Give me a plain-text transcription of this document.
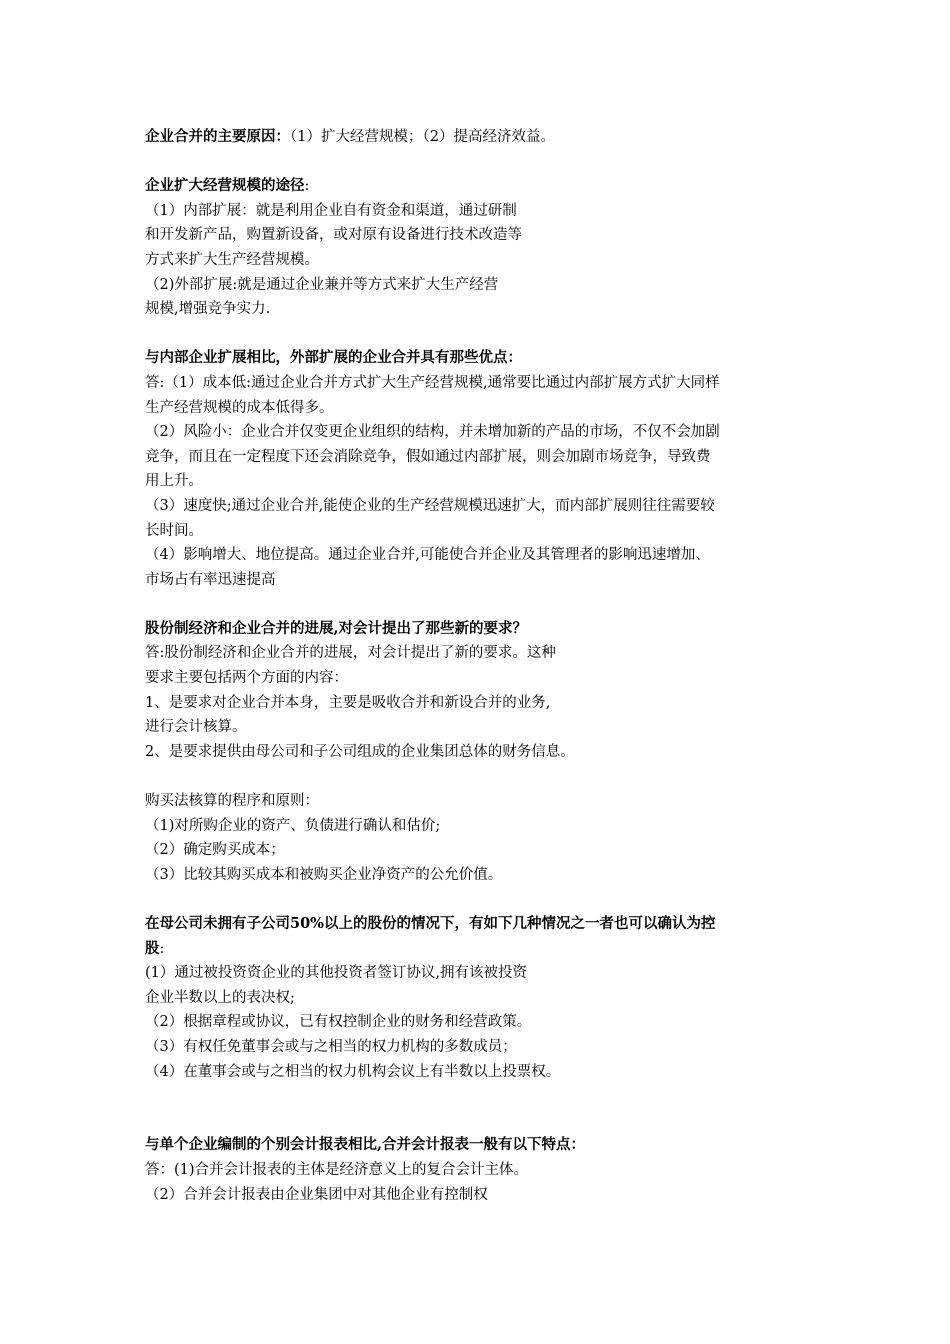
企业合并的主要原因：（1）扩大经营规模；（2）提高经济效益。
企业扩大经营规模的途径:
（1）内部扩展：就是利用企业自有资金和渠道，通过研制
和开发新产品，购置新设备，或对原有设备进行技术改造等
方式来扩大生产经营规模。
（2)外部扩展:就是通过企业兼并等方式来扩大生产经营
规模,增强竞争实力.
与内部企业扩展相比，外部扩展的企业合并具有那些优点：
答:（1）成本低:通过企业合并方式扩大生产经营规模,通常要比通过内部扩展方式扩大同样
生产经营规模的成本低得多。
（2）风险小：企业合并仅变更企业组织的结构，并未增加新的产品的市场，不仅不会加剧
竞争，而且在一定程度下还会消除竞争，假如通过内部扩展，则会加剧市场竞争，导致费
用上升。
（3）速度快;通过企业合并,能使企业的生产经营规模迅速扩大，而内部扩展则往往需要较
长时间。
（4）影响增大、地位提高。通过企业合并,可能使合并企业及其管理者的影响迅速增加、
市场占有率迅速提高
股份制经济和企业合并的进展,对会计提出了那些新的要求？
答:股份制经济和企业合并的进展，对会计提出了新的要求。这种
要求主要包括两个方面的内容：
1、是要求对企业合并本身，主要是吸收合并和新设合并的业务,
进行会计核算。
2、是要求提供由母公司和子公司组成的企业集团总体的财务信息。
购买法核算的程序和原则：
（1)对所购企业的资产、负债进行确认和估价;
（2）确定购买成本；
（3）比较其购买成本和被购买企业净资产的公允价值。
在母公司未拥有子公司50%以上的股份的情况下，有如下几种情况之一者也可以确认为控
股:
(1）通过被投资资企业的其他投资者签订协议,拥有该被投资
企业半数以上的表决权;
（2）根据章程或协议，已有权控制企业的财务和经营政策。
（3）有权任免董事会或与之相当的权力机构的多数成员；
（4）在董事会或与之相当的权力机构会议上有半数以上投票权。
与单个企业编制的个别会计报表相比,合并会计报表一般有以下特点：
答：(1)合并会计报表的主体是经济意义上的复合会计主体。
（2）合并会计报表由企业集团中对其他企业有控制权
